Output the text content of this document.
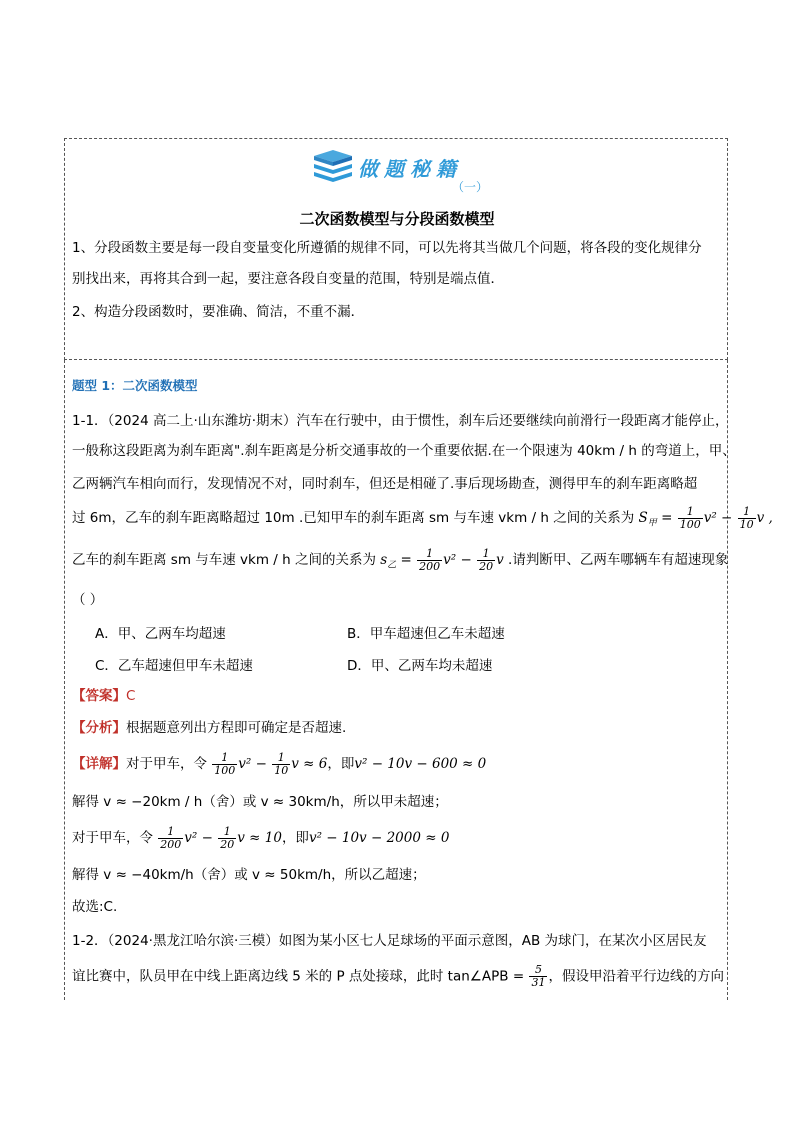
做题秘籍
（一）
二次函数模型与分段函数模型
1、分段函数主要是每一段自变量变化所遵循的规律不同，可以先将其当做几个问题，将各段的变化规律分
别找出来，再将其合到一起，要注意各段自变量的范围，特别是端点值．
2、构造分段函数时，要准确、简洁，不重不漏．
题型 1：二次函数模型
1-1．（2024 高二上·山东潍坊·期末）汽车在行驶中，由于惯性，刹车后还要继续向前滑行一段距离才能停止，
一般称这段距离为刹车距离".刹车距离是分析交通事故的一个重要依据.在一个限速为 40km / h 的弯道上，甲、
乙两辆汽车相向而行，发现情况不对，同时刹车，但还是相碰了.事后现场勘查，测得甲车的刹车距离略超
过 6m，乙车的刹车距离略超过 10m .已知甲车的刹车距离 sm 与车速 vkm / h 之间的关系为 $S_甲 = \frac{1}{100} v^2 - \frac{1}{10}$ v ,
乙车的刹车距离 sm 与车速 vkm / h 之间的关系为 $s_乙 = \frac{1}{200} v^2 - \frac{1}{20}$ v .请判断甲、乙两车哪辆车有超速现象
（ ）
A．甲、乙两车均超速	B．甲车超速但乙车未超速
C．乙车超速但甲车未超速	D．甲、乙两车均未超速
【答案】C
【分析】根据题意列出方程即可确定是否超速.
【详解】对于甲车，令 $\frac{1}{100} v^2 - \frac{1}{10}$ v ≈ 6，即v² − 10v − 600 ≈ 0
解得 v ≈ −20km / h（舍）或 v ≈ 30km/h，所以甲未超速；
对于甲车，令 $\frac{1}{200} v^2 - \frac{1}{20}$ v ≈ 10，即v² − 10v − 2000 ≈ 0
解得 v ≈ −40km/h（舍）或 v ≈ 50km/h，所以乙超速；
故选:C.
1-2．（2024·黑龙江哈尔滨·三模）如图为某小区七人足球场的平面示意图，AB 为球门，在某次小区居民友
谊比赛中，队员甲在中线上距离边线 5 米的 P 点处接球，此时 tan∠APB = $\frac{5}{31}$ ，假设甲沿着平行边线的方向
